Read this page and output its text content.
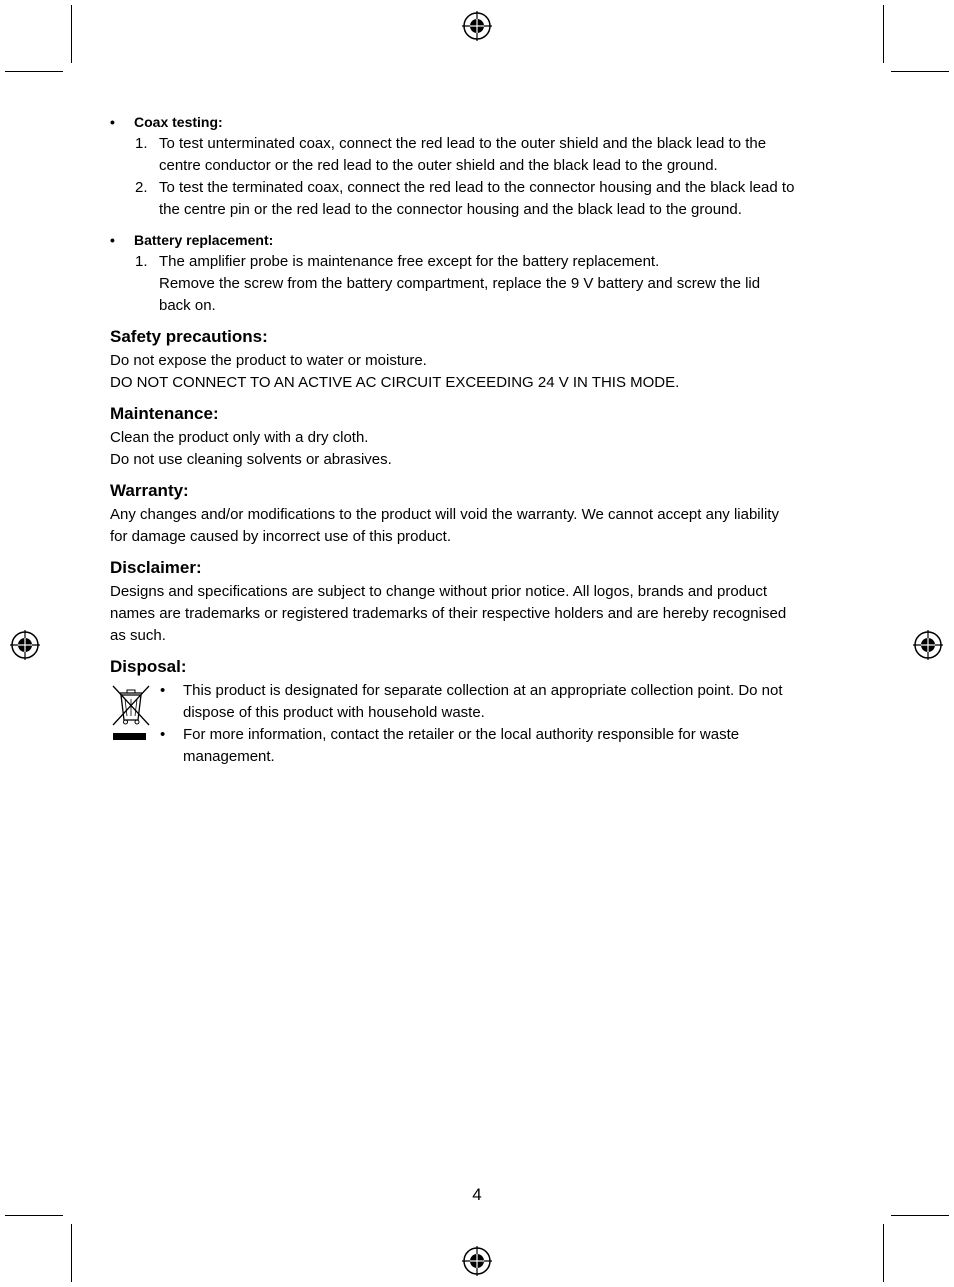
• Coax testing:
1. To test unterminated coax, connect the red lead to the outer shield and the black lead to the
centre conductor or the red lead to the outer shield and the black lead to the ground.
2. To test the terminated coax, connect the red lead to the connector housing and the black lead to
the centre pin or the red lead to the connector housing and the black lead to the ground.
• Battery replacement:
1. The amplifier probe is maintenance free except for the battery replacement.
Remove the screw from the battery compartment, replace the 9 V battery and screw the lid
back on.
Safety precautions:
Do not expose the product to water or moisture.
DO NOT CONNECT TO AN ACTIVE AC CIRCUIT EXCEEDING 24 V IN THIS MODE.
Maintenance:
Clean the product only with a dry cloth.
Do not use cleaning solvents or abrasives.
Warranty:
Any changes and/or modifications to the product will void the warranty. We cannot accept any liability
for damage caused by incorrect use of this product.
Disclaimer:
Designs and specifications are subject to change without prior notice. All logos, brands and product
names are trademarks or registered trademarks of their respective holders and are hereby recognised
as such.
Disposal:
• This product is designated for separate collection at an appropriate collection point. Do not
dispose of this product with household waste.
• For more information, contact the retailer or the local authority responsible for waste
management.
4
